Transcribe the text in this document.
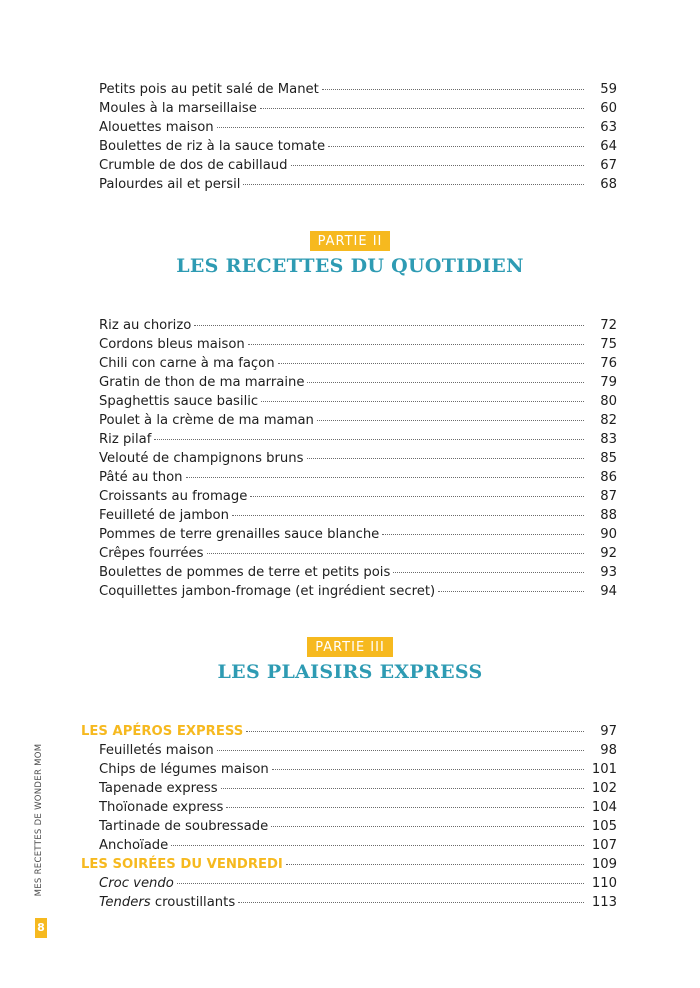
Petits pois au petit salé de Manet	59
Moules à la marseillaise	60
Alouettes maison	63
Boulettes de riz à la sauce tomate	64
Crumble de dos de cabillaud	67
Palourdes ail et persil	68
PARTIE II
LES RECETTES DU QUOTIDIEN
Riz au chorizo	72
Cordons bleus maison	75
Chili con carne à ma façon	76
Gratin de thon de ma marraine	79
Spaghettis sauce basilic	80
Poulet à la crème de ma maman	82
Riz pilaf	83
Velouté de champignons bruns	85
Pâté au thon	86
Croissants au fromage	87
Feuilleté de jambon	88
Pommes de terre grenailles sauce blanche	90
Crêpes fourrées	92
Boulettes de pommes de terre et petits pois	93
Coquillettes jambon-fromage (et ingrédient secret)	94
PARTIE III
LES PLAISIRS EXPRESS
LES APÉROS EXPRESS	97
Feuilletés maison	98
Chips de légumes maison	101
Tapenade express	102
Thoïonade express	104
Tartinade de soubressade	105
Anchoïade	107
LES SOIRÉES DU VENDREDI	109
Croc vendo	110
Tenders croustillants	113
MES RECETTES DE WONDER MOM
8
